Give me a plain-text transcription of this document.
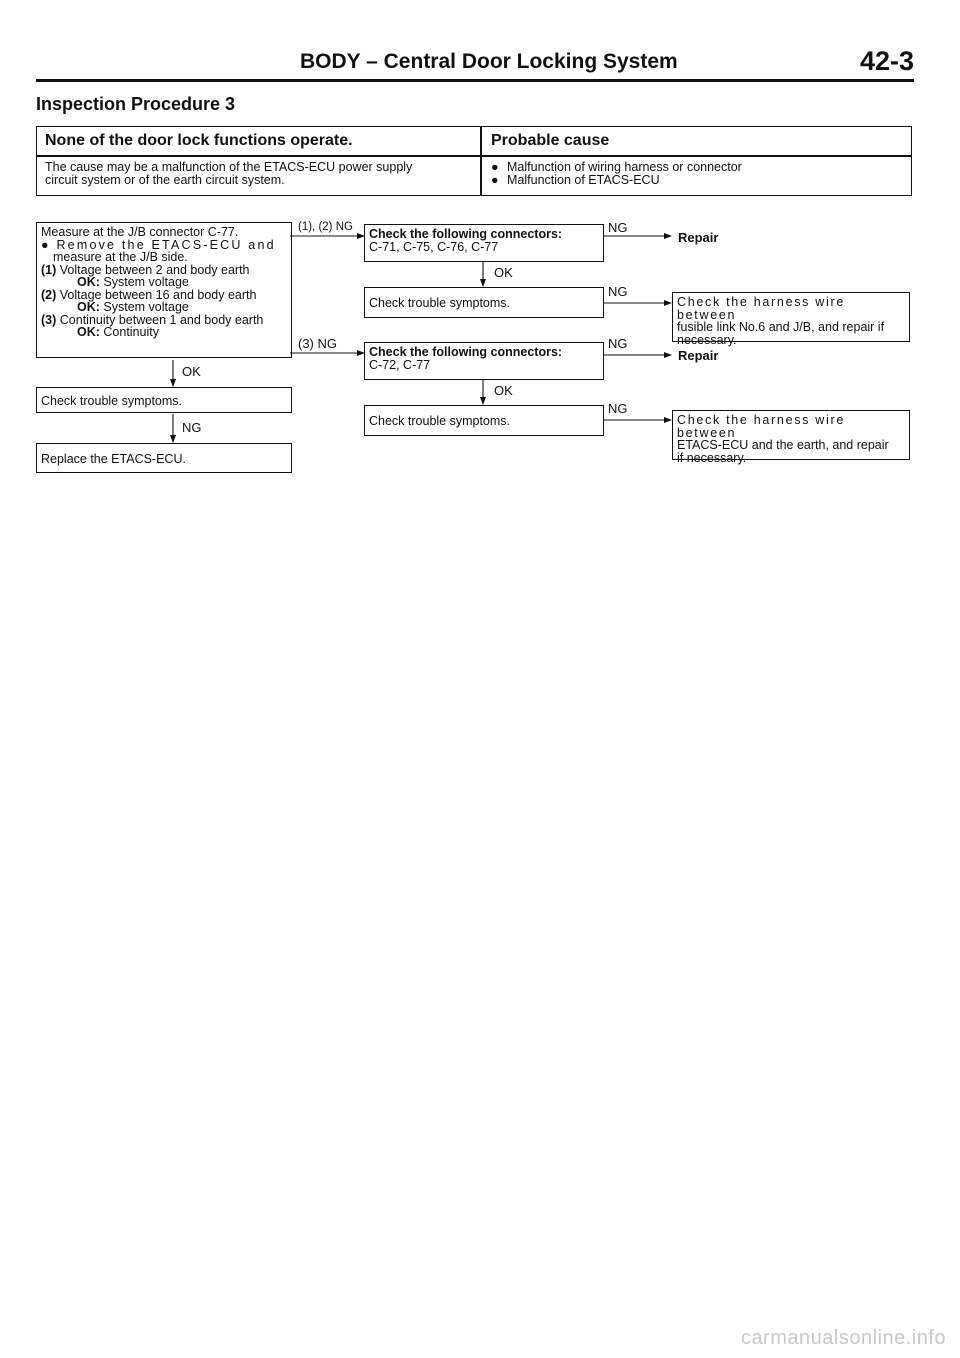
BODY – Central Door Locking System	42-3
Inspection Procedure 3
None of the door lock functions operate.	Probable cause
The cause may be a malfunction of the ETACS-ECU power supply
circuit system or of the earth circuit system.
● Malfunction of wiring harness or connector
● Malfunction of ETACS-ECU
Measure at the J/B connector C-77.
● Remove the ETACS-ECU and
measure at the J/B side.
(1) Voltage between 2 and body earth
OK: System voltage
(2) Voltage between 16 and body earth
OK: System voltage
(3) Continuity between 1 and body earth
OK: Continuity
OK
Check trouble symptoms.
NG
Replace the ETACS-ECU.
(1), (2) NG
(3) NG
Check the following connectors:
C-71, C-75, C-76, C-77
OK
Check trouble symptoms.
Check the following connectors:
C-72, C-77
OK
Check trouble symptoms.
NG
NG
NG
NG
Repair
Check the harness wire between
fusible link No.6 and J/B, and repair if
necessary.
Repair
Check the harness wire between
ETACS-ECU and the earth, and repair
if necessary.
carmanualsonline.info
